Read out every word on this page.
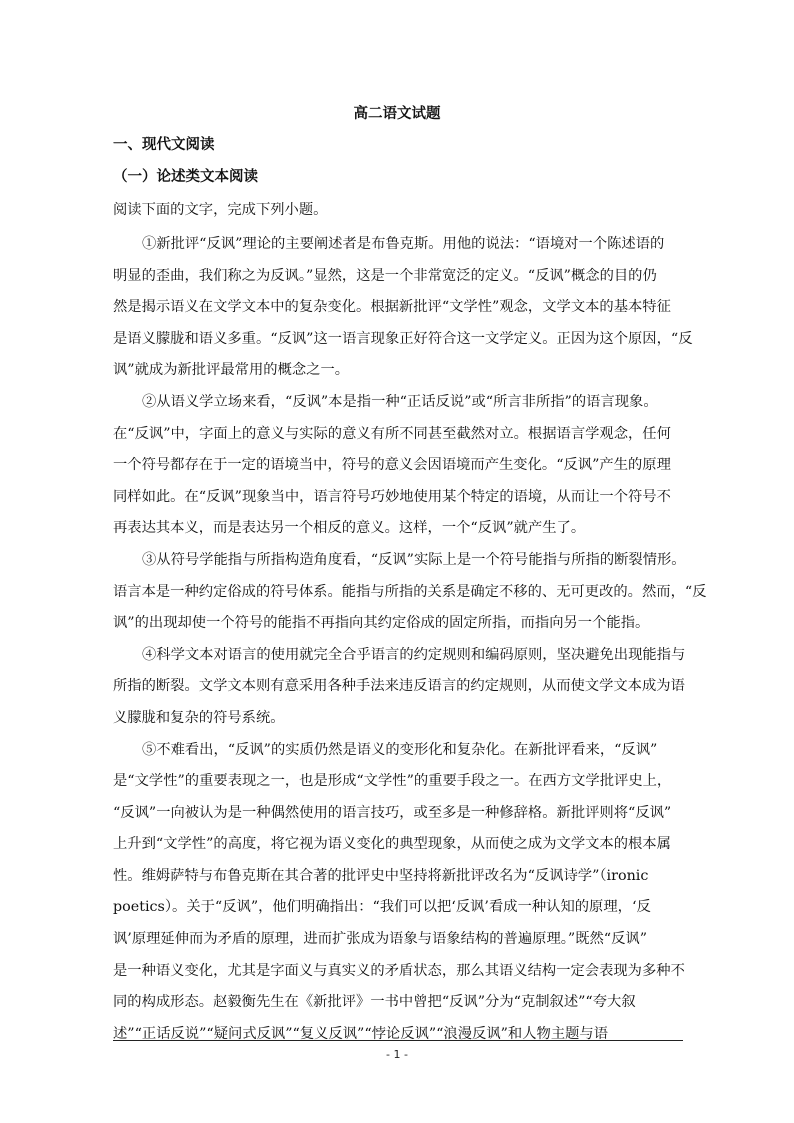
高二语文试题

一、现代文阅读

（一）论述类文本阅读

阅读下面的文字，完成下列小题。

①新批评“反讽”理论的主要阐述者是布鲁克斯。用他的说法：“语境对一个陈述语的
明显的歪曲，我们称之为反讽。”显然，这是一个非常宽泛的定义。“反讽”概念的目的仍
然是揭示语义在文学文本中的复杂变化。根据新批评“文学性”观念，文学文本的基本特征
是语义朦胧和语义多重。“反讽”这一语言现象正好符合这一文学定义。正因为这个原因，“反
讽”就成为新批评最常用的概念之一。
②从语义学立场来看，“反讽”本是指一种“正话反说”或“所言非所指”的语言现象。
在“反讽”中，字面上的意义与实际的意义有所不同甚至截然对立。根据语言学观念，任何
一个符号都存在于一定的语境当中，符号的意义会因语境而产生变化。“反讽”产生的原理
同样如此。在“反讽”现象当中，语言符号巧妙地使用某个特定的语境，从而让一个符号不
再表达其本义，而是表达另一个相反的意义。这样，一个“反讽”就产生了。
③从符号学能指与所指构造角度看，“反讽”实际上是一个符号能指与所指的断裂情形。
语言本是一种约定俗成的符号体系。能指与所指的关系是确定不移的、无可更改的。然而，“反
讽”的出现却使一个符号的能指不再指向其约定俗成的固定所指，而指向另一个能指。
④科学文本对语言的使用就完全合乎语言的约定规则和编码原则，坚决避免出现能指与
所指的断裂。文学文本则有意采用各种手法来违反语言的约定规则，从而使文学文本成为语
义朦胧和复杂的符号系统。
⑤不难看出，“反讽”的实质仍然是语义的变形化和复杂化。在新批评看来，“反讽”
是“文学性”的重要表现之一，也是形成“文学性”的重要手段之一。在西方文学批评史上，
“反讽”一向被认为是一种偶然使用的语言技巧，或至多是一种修辞格。新批评则将“反讽”
上升到“文学性”的高度，将它视为语义变化的典型现象，从而使之成为文学文本的根本属
性。维姆萨特与布鲁克斯在其合著的批评史中坚持将新批评改名为“反讽诗学”（ironic
poetics）。关于“反讽”，他们明确指出：“我们可以把‘反讽’看成一种认知的原理，‘反
讽’原理延伸而为矛盾的原理，进而扩张成为语象与语象结构的普遍原理。”既然“反讽”
是一种语义变化，尤其是字面义与真实义的矛盾状态，那么其语义结构一定会表现为多种不
同的构成形态。赵毅衡先生在《新批评》一书中曾把“反讽”分为“克制叙述”“夸大叙
述”“正话反说”“疑问式反讽”“复义反讽”“悖论反讽”“浪漫反讽”和人物主题与语
- 1 -
